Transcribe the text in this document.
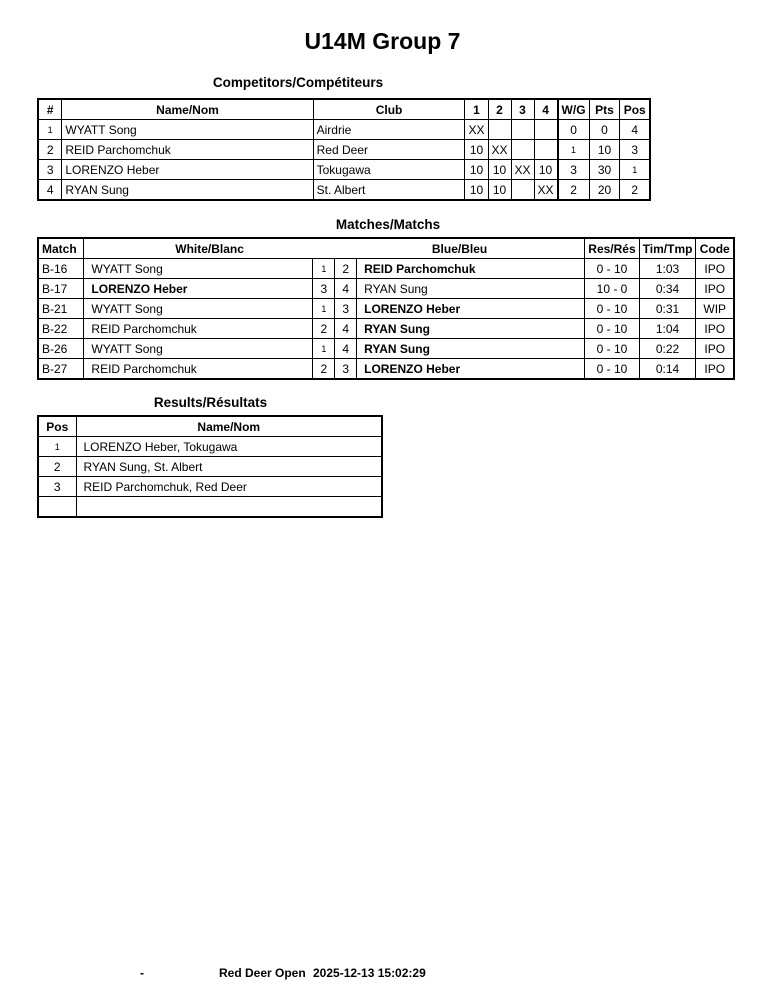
U14M Group 7
Competitors/Compétiteurs
#	Name/Nom	Club	1	2	3	4	W/G	Pts	Pos
1	WYATT Song	Airdrie	XX				0	0	4
2	REID Parchomchuk	Red Deer	10	XX			1	10	3
3	LORENZO Heber	Tokugawa	10	10	XX	10	3	30	1
4	RYAN Sung	St. Albert	10	10		XX	2	20	2
Matches/Matchs
Match	White/Blanc		Blue/Bleu		Res/Rés	Tim/Tmp	Code
B-16	WYATT Song	1	2	REID Parchomchuk	0 - 10	1:03	IPO
B-17	LORENZO Heber	3	4	RYAN Sung	10 - 0	0:34	IPO
B-21	WYATT Song	1	3	LORENZO Heber	0 - 10	0:31	WIP
B-22	REID Parchomchuk	2	4	RYAN Sung	0 - 10	1:04	IPO
B-26	WYATT Song	1	4	RYAN Sung	0 - 10	0:22	IPO
B-27	REID Parchomchuk	2	3	LORENZO Heber	0 - 10	0:14	IPO
Results/Résultats
Pos	Name/Nom
1	LORENZO Heber, Tokugawa
2	RYAN Sung, St. Albert
3	REID Parchomchuk, Red Deer

-	Red Deer Open 2025-12-13 15:02:29
